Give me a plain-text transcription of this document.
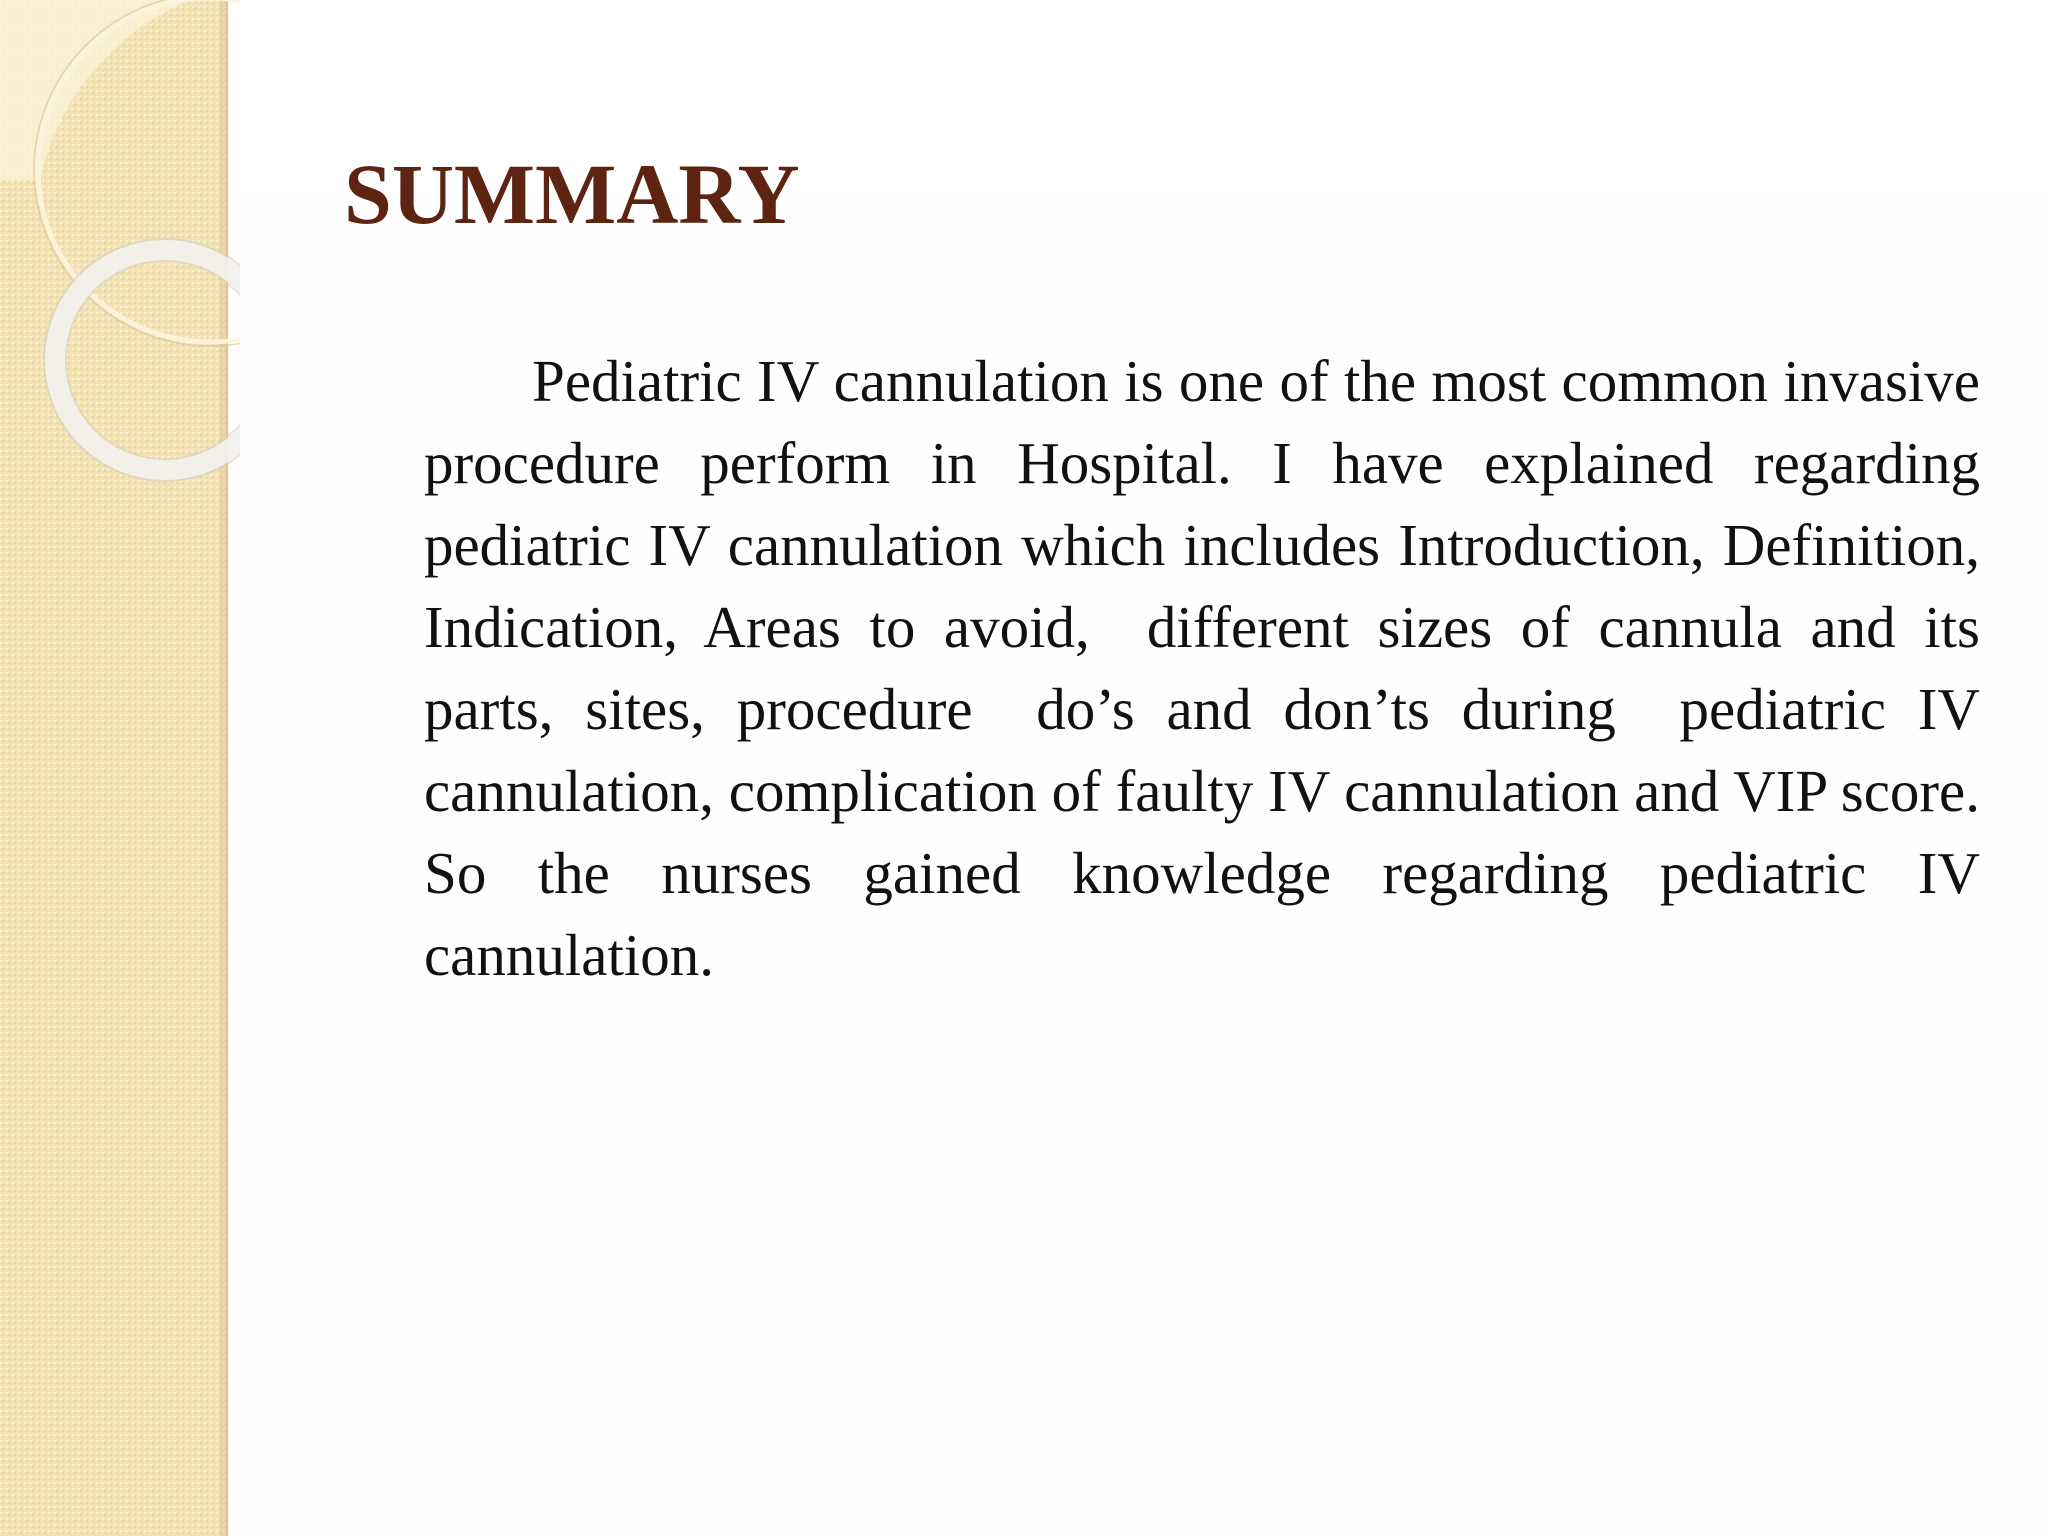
SUMMARY

Pediatric IV cannulation is one of the most common invasive procedure perform in Hospital. I have explained regarding pediatric IV cannulation which includes Introduction, Definition, Indication, Areas to avoid,  different sizes of cannula and its parts, sites, procedure  do’s and don’ts during  pediatric IV cannulation, complication of faulty IV cannulation and VIP score. So the nurses gained knowledge regarding pediatric IV cannulation.
